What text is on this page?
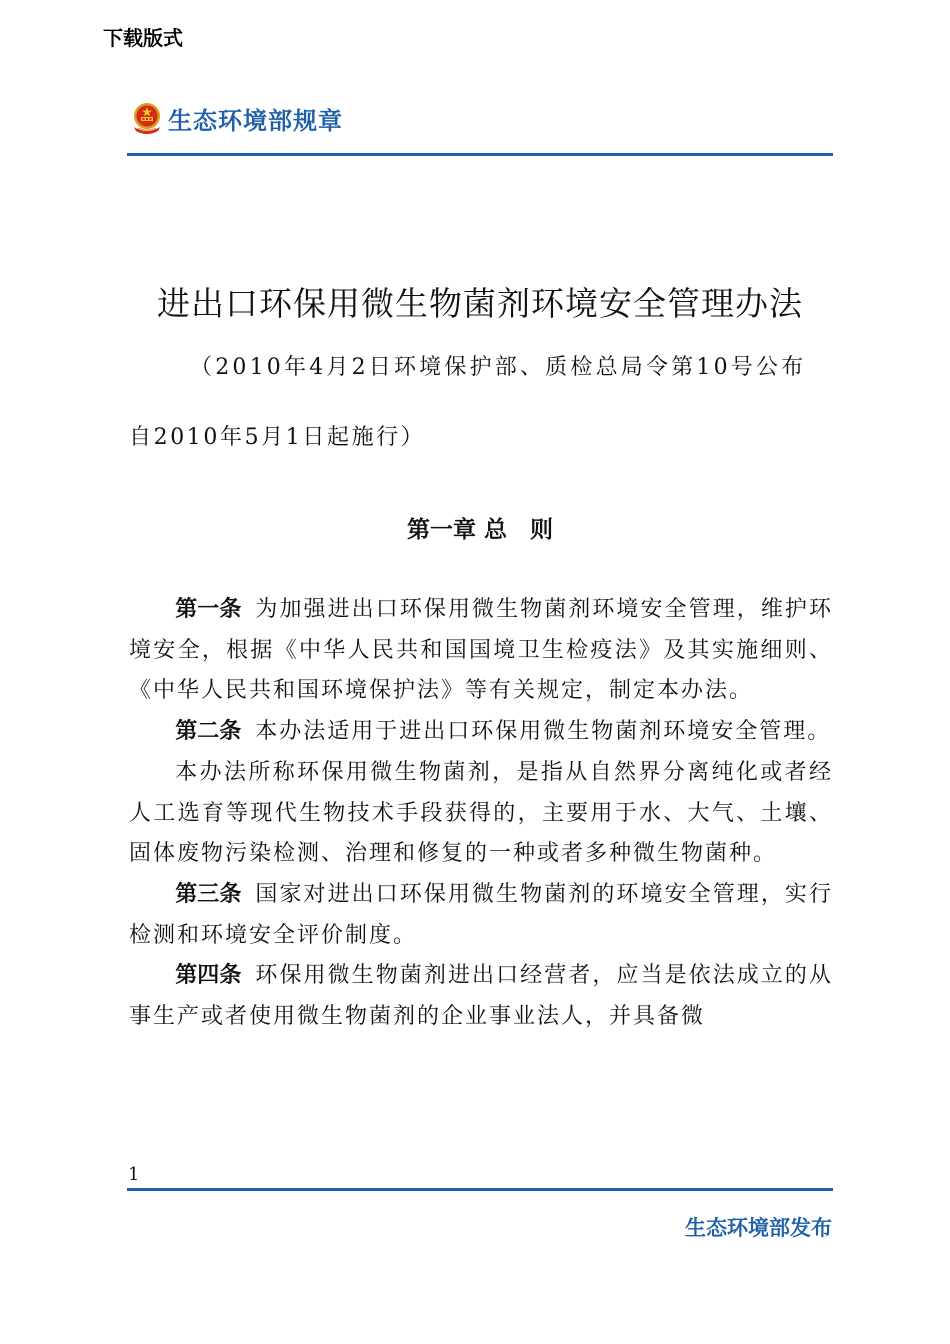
下载版式
生态环境部规章
进出口环保用微生物菌剂环境安全管理办法
（2010年4月2日环境保护部、质检总局令第10号公布
自2010年5月1日起施行）
第一章 总　则

第一条 为加强进出口环保用微生物菌剂环境安全管理，维护环境安全，根据《中华人民共和国国境卫生检疫法》及其实施细则、《中华人民共和国环境保护法》等有关规定，制定本办法。

第二条 本办法适用于进出口环保用微生物菌剂环境安全管理。

本办法所称环保用微生物菌剂，是指从自然界分离纯化或者经人工选育等现代生物技术手段获得的，主要用于水、大气、土壤、固体废物污染检测、治理和修复的一种或者多种微生物菌种。

第三条 国家对进出口环保用微生物菌剂的环境安全管理，实行检测和环境安全评价制度。

第四条 环保用微生物菌剂进出口经营者，应当是依法成立的从事生产或者使用微生物菌剂的企业事业法人，并具备微

1
生态环境部发布
